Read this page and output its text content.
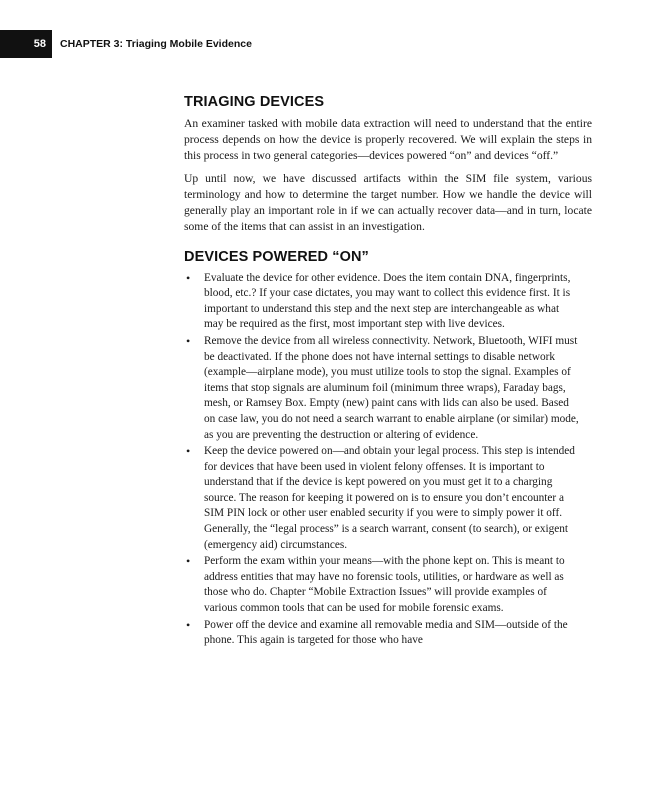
58	CHAPTER 3: Triaging Mobile Evidence
TRIAGING DEVICES

An examiner tasked with mobile data extraction will need to understand that the entire process depends on how the device is properly recovered. We will explain the steps in this process in two general categories—devices powered “on” and devices “off.”

Up until now, we have discussed artifacts within the SIM file system, various terminology and how to determine the target number. How we handle the device will generally play an important role in if we can actually recover data—and in turn, locate some of the items that can assist in an investigation.

DEVICES POWERED “ON”
• Evaluate the device for other evidence. Does the item contain DNA, fingerprints, blood, etc.? If your case dictates, you may want to collect this evidence first. It is important to understand this step and the next step are interchangeable as what may be required as the first, most important step with live devices.
• Remove the device from all wireless connectivity. Network, Bluetooth, WIFI must be deactivated. If the phone does not have internal settings to disable network (example—airplane mode), you must utilize tools to stop the signal. Examples of items that stop signals are aluminum foil (minimum three wraps), Faraday bags, mesh, or Ramsey Box. Empty (new) paint cans with lids can also be used. Based on case law, you do not need a search warrant to enable airplane (or similar) mode, as you are preventing the destruction or altering of evidence.
• Keep the device powered on—and obtain your legal process. This step is intended for devices that have been used in violent felony offenses. It is important to understand that if the device is kept powered on you must get it to a charging source. The reason for keeping it powered on is to ensure you don’t encounter a SIM PIN lock or other user enabled security if you were to simply power it off. Generally, the “legal process” is a search warrant, consent (to search), or exigent (emergency aid) circumstances.
• Perform the exam within your means—with the phone kept on. This is meant to address entities that may have no forensic tools, utilities, or hardware as well as those who do. Chapter “Mobile Extraction Issues” will provide examples of various common tools that can be used for mobile forensic exams.
• Power off the device and examine all removable media and SIM—outside of the phone. This again is targeted for those who have
